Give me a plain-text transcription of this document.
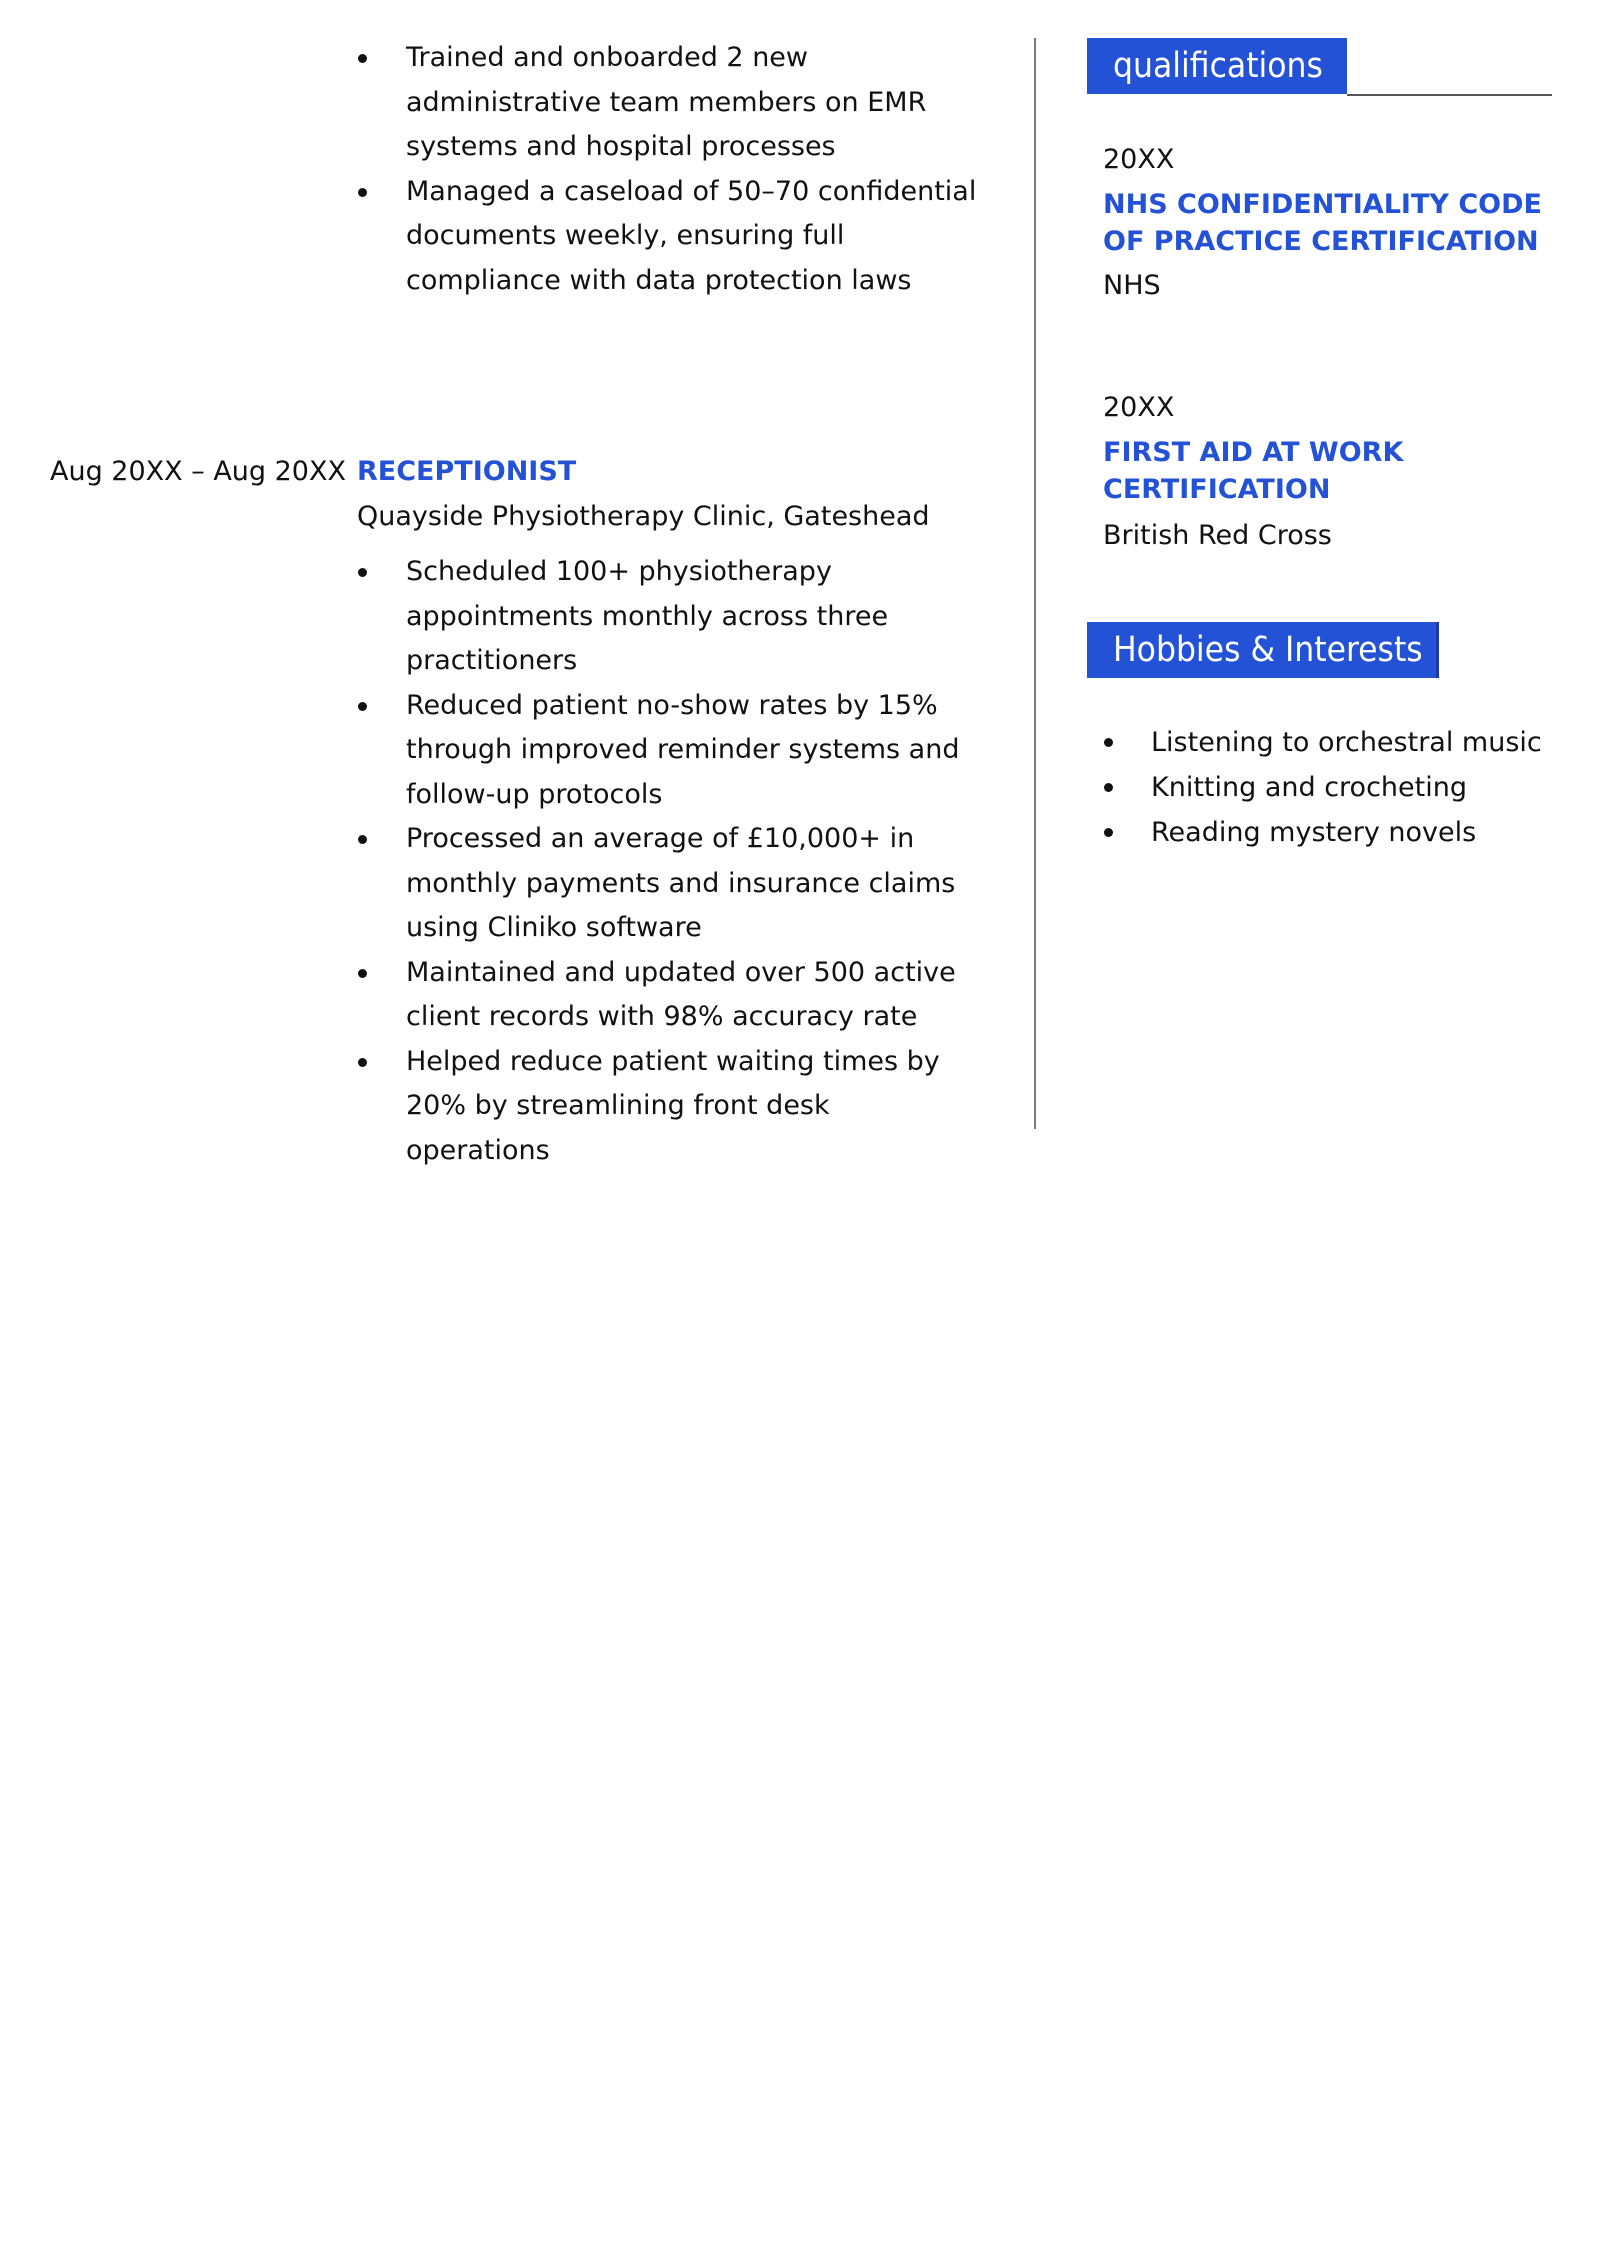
Trained and onboarded 2 new administrative team members on EMR systems and hospital processes
Managed a caseload of 50–70 confidential documents weekly, ensuring full compliance with data protection laws
Aug 20XX – Aug 20XX RECEPTIONIST
Quayside Physiotherapy Clinic, Gateshead
Scheduled 100+ physiotherapy appointments monthly across three practitioners
Reduced patient no-show rates by 15% through improved reminder systems and follow-up protocols
Processed an average of £10,000+ in monthly payments and insurance claims using Cliniko software
Maintained and updated over 500 active client records with 98% accuracy rate
Helped reduce patient waiting times by 20% by streamlining front desk operations
qualifications
20XX
NHS CONFIDENTIALITY CODE OF PRACTICE CERTIFICATION
NHS
20XX
FIRST AID AT WORK CERTIFICATION
British Red Cross
Hobbies & Interests
Listening to orchestral music
Knitting and crocheting
Reading mystery novels
